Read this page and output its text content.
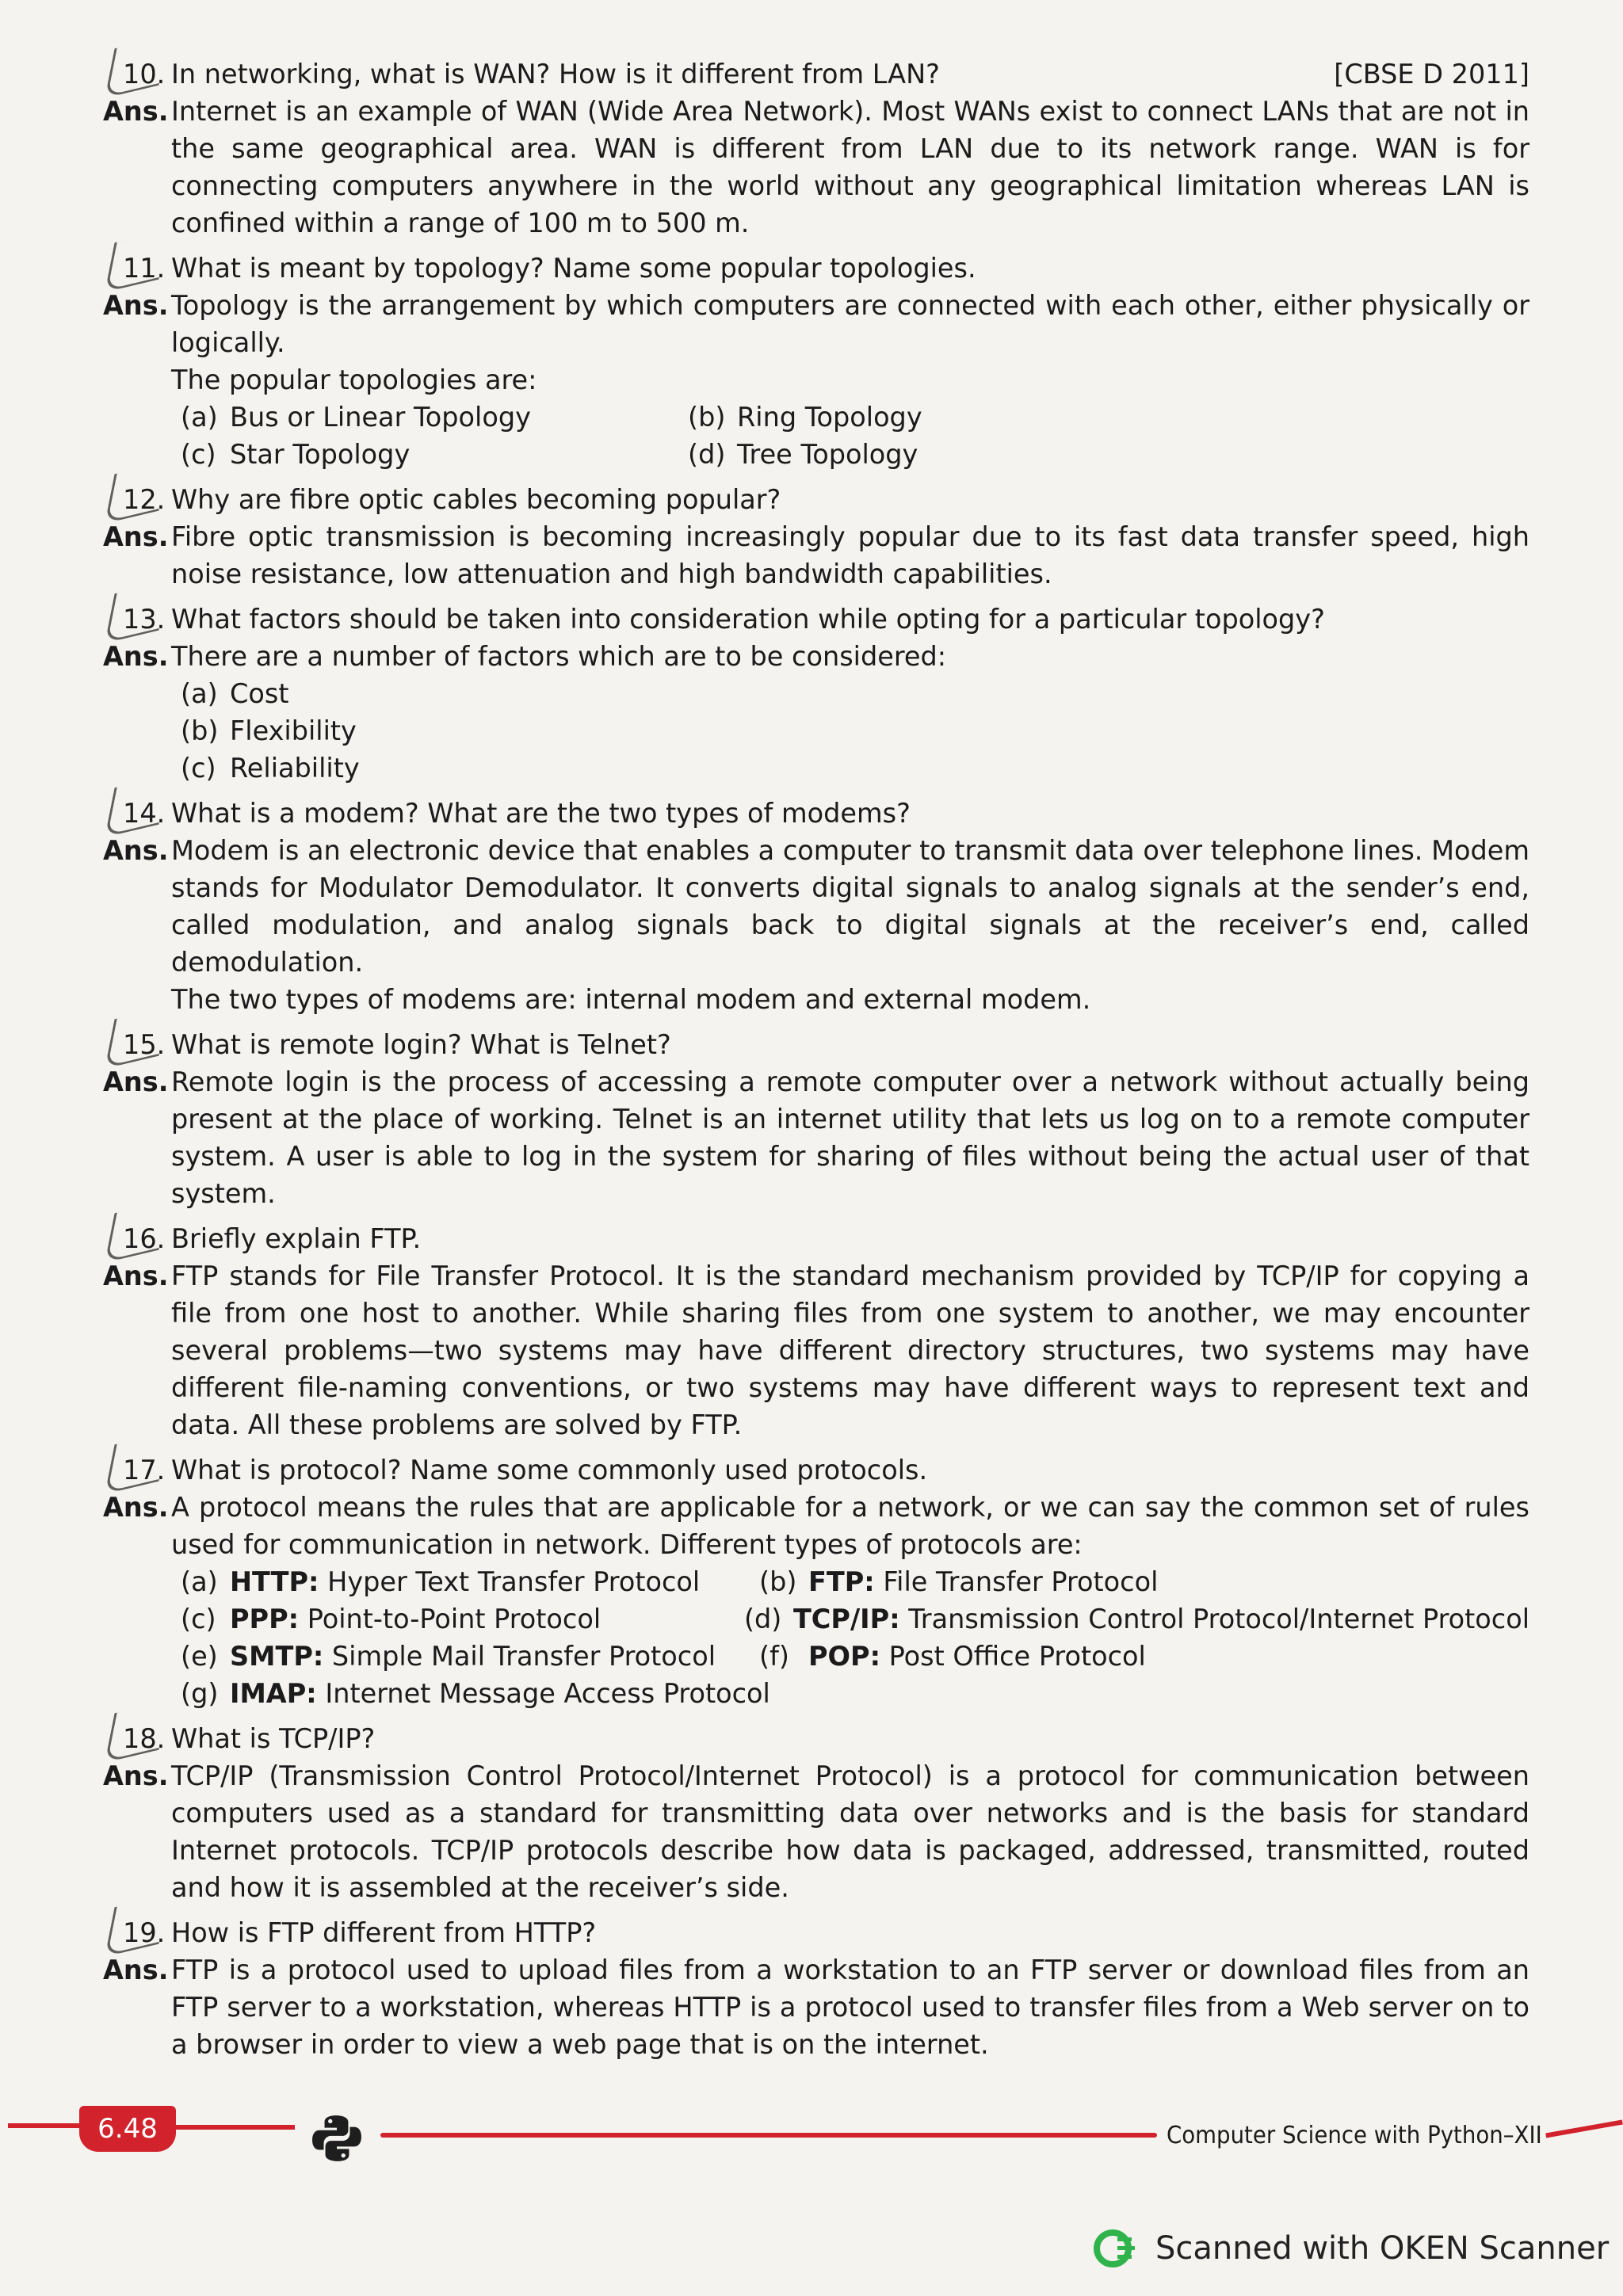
10. In networking, what is WAN? How is it different from LAN?	[CBSE D 2011]
Ans. Internet is an example of WAN (Wide Area Network). Most WANs exist to connect LANs that are not in the same geographical area. WAN is different from LAN due to its network range. WAN is for connecting computers anywhere in the world without any geographical limitation whereas LAN is confined within a range of 100 m to 500 m.

11. What is meant by topology? Name some popular topologies.
Ans. Topology is the arrangement by which computers are connected with each other, either physically or logically.

The popular topologies are:

(a) Bus or Linear Topology	(b) Ring Topology
(c) Star Topology	(d) Tree Topology
12. Why are fibre optic cables becoming popular?
Ans. Fibre optic transmission is becoming increasingly popular due to its fast data transfer speed, high noise resistance, low attenuation and high bandwidth capabilities.

13. What factors should be taken into consideration while opting for a particular topology?
Ans. There are a number of factors which are to be considered:

(a) Cost
(b) Flexibility
(c) Reliability
14. What is a modem? What are the two types of modems?
Ans. Modem is an electronic device that enables a computer to transmit data over telephone lines. Modem stands for Modulator Demodulator. It converts digital signals to analog signals at the sender’s end, called modulation, and analog signals back to digital signals at the receiver’s end, called demodulation.

The two types of modems are: internal modem and external modem.

15. What is remote login? What is Telnet?
Ans. Remote login is the process of accessing a remote computer over a network without actually being present at the place of working. Telnet is an internet utility that lets us log on to a remote computer system. A user is able to log in the system for sharing of files without being the actual user of that system.

16. Briefly explain FTP.
Ans. FTP stands for File Transfer Protocol. It is the standard mechanism provided by TCP/IP for copying a file from one host to another. While sharing files from one system to another, we may encounter several problems—two systems may have different directory structures, two systems may have different file-naming conventions, or two systems may have different ways to represent text and data. All these problems are solved by FTP.

17. What is protocol? Name some commonly used protocols.
Ans. A protocol means the rules that are applicable for a network, or we can say the common set of rules used for communication in network. Different types of protocols are:

(a) HTTP: Hyper Text Transfer Protocol	(b) FTP: File Transfer Protocol
(c) PPP: Point-to-Point Protocol	(d) TCP/IP: Transmission Control Protocol/Internet Protocol
(e) SMTP: Simple Mail Transfer Protocol	(f) POP: Post Office Protocol
(g) IMAP: Internet Message Access Protocol
18. What is TCP/IP?
Ans. TCP/IP (Transmission Control Protocol/Internet Protocol) is a protocol for communication between computers used as a standard for transmitting data over networks and is the basis for standard Internet protocols. TCP/IP protocols describe how data is packaged, addressed, transmitted, routed and how it is assembled at the receiver’s side.

19. How is FTP different from HTTP?
Ans. FTP is a protocol used to upload files from a workstation to an FTP server or download files from an FTP server to a workstation, whereas HTTP is a protocol used to transfer files from a Web server on to a browser in order to view a web page that is on the internet.

6.48	Computer Science with Python–XII
Scanned with OKEN Scanner
